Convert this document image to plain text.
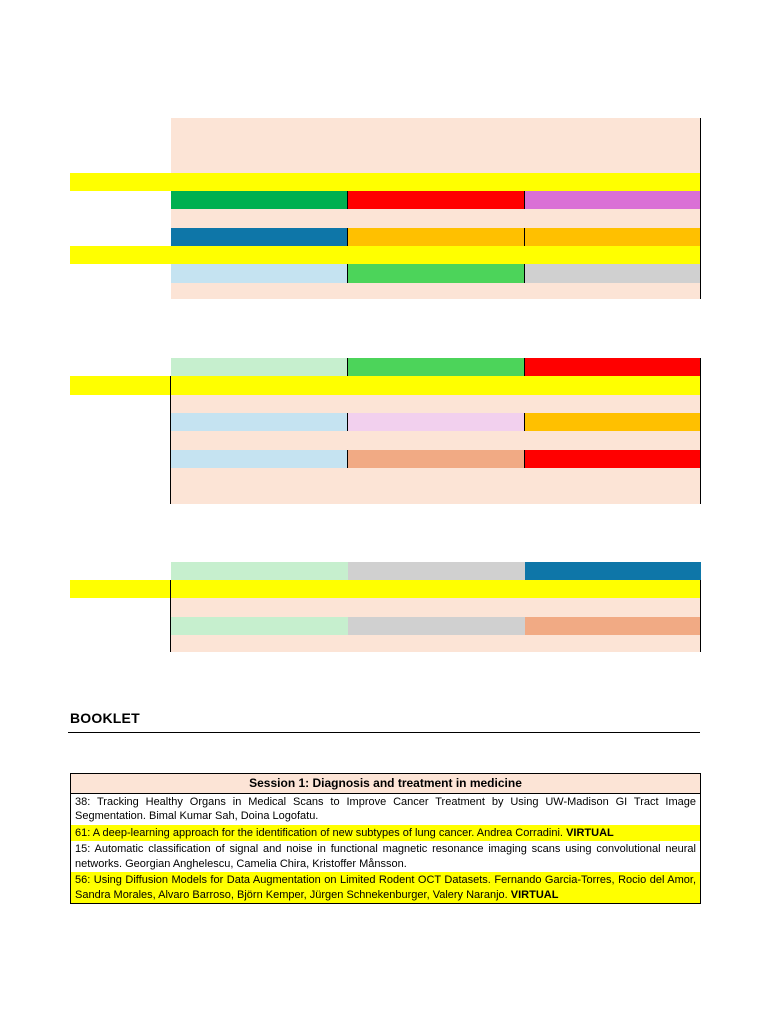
BOOKLET
Session 1: Diagnosis and treatment in medicine
38: Tracking Healthy Organs in Medical Scans to Improve Cancer Treatment by Using UW-Madison GI Tract Image Segmentation. Bimal Kumar Sah, Doina Logofatu.
61: A deep-learning approach for the identification of new subtypes of lung cancer. Andrea Corradini. VIRTUAL
15: Automatic classification of signal and noise in functional magnetic resonance imaging scans using convolutional neural networks. Georgian Anghelescu, Camelia Chira, Kristoffer Månsson.
56: Using Diffusion Models for Data Augmentation on Limited Rodent OCT Datasets. Fernando Garcia-Torres, Rocio del Amor, Sandra Morales, Alvaro Barroso, Björn Kemper, Jürgen Schnekenburger, Valery Naranjo. VIRTUAL
